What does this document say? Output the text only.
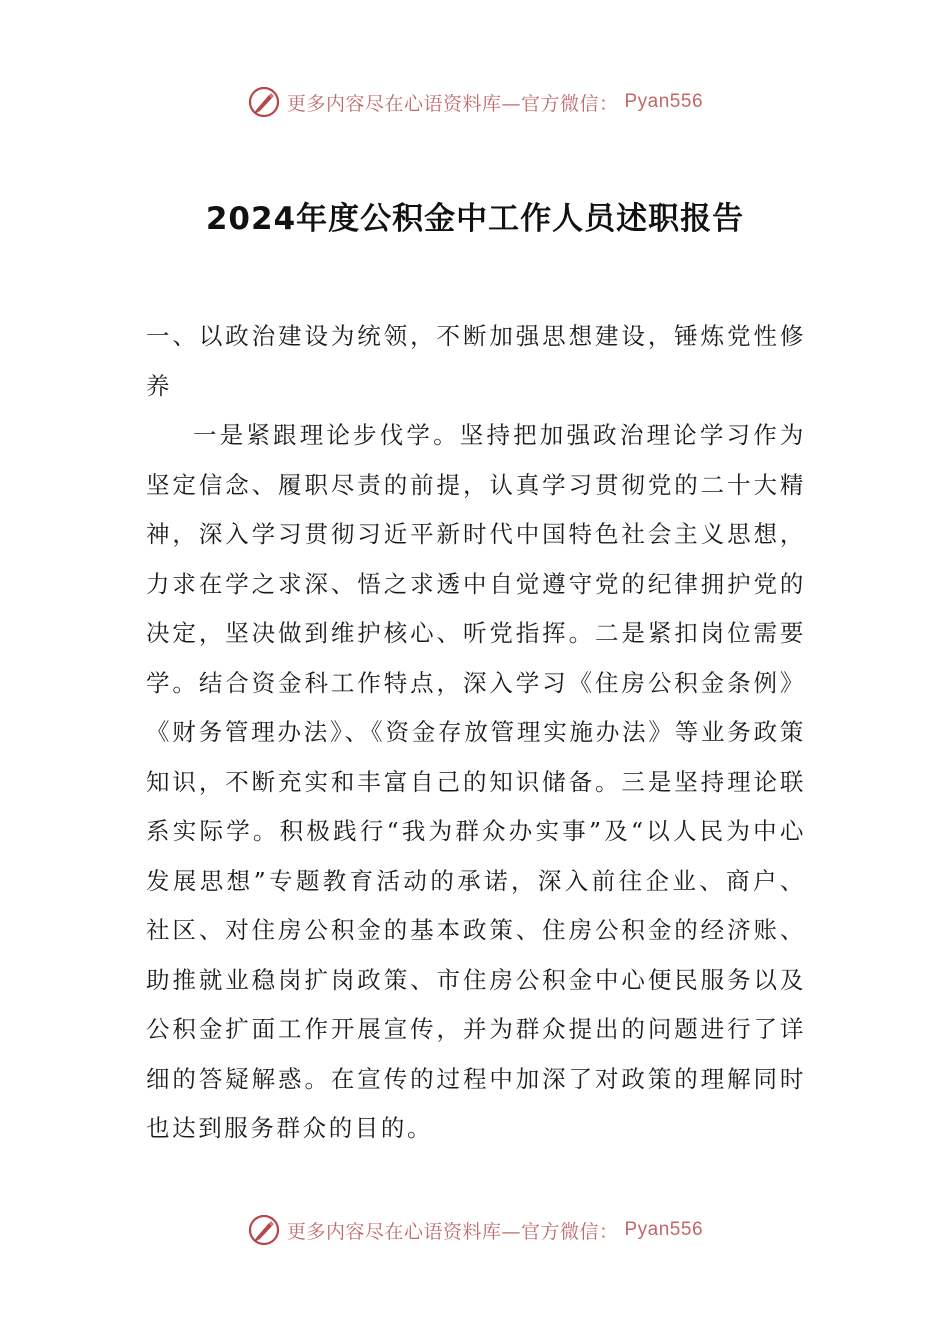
更多内容尽在心语资料库—官方微信： Pyan556
2024年度公积金中工作人员述职报告

一、以政治建设为统领，不断加强思想建设，锤炼党性修养

一是紧跟理论步伐学。坚持把加强政治理论学习作为坚定信念、履职尽责的前提，认真学习贯彻党的二十大精神，深入学习贯彻习近平新时代中国特色社会主义思想，力求在学之求深、悟之求透中自觉遵守党的纪律拥护党的决定，坚决做到维护核心、听党指挥。二是紧扣岗位需要学。结合资金科工作特点，深入学习《住房公积金条例》《财务管理办法》、《资金存放管理实施办法》等业务政策知识，不断充实和丰富自己的知识储备。三是坚持理论联系实际学。积极践行“我为群众办实事”及“以人民为中心发展思想”专题教育活动的承诺，深入前往企业、商户、社区、对住房公积金的基本政策、住房公积金的经济账、助推就业稳岗扩岗政策、市住房公积金中心便民服务以及公积金扩面工作开展宣传，并为群众提出的问题进行了详细的答疑解惑。在宣传的过程中加深了对政策的理解同时也达到服务群众的目的。

更多内容尽在心语资料库—官方微信： Pyan556
